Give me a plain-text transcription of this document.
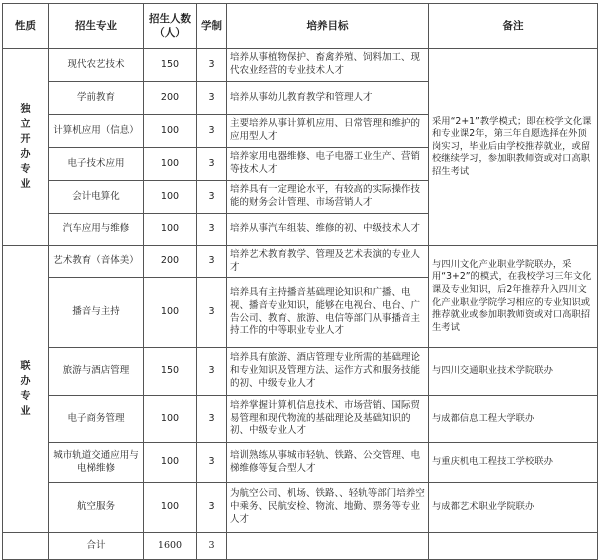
性质	招生专业	招生人数（人）	学制	培养目标	备注
独立开办专业	现代农艺技术	150	3	培养从事植物保护、畜禽养殖、饲料加工、现代农业经营的专业技术人才	采用“2+1”教学模式；即在校学文化课和专业课2年，第三年自愿选择在外顶岗实习，毕业后由学校推荐就业，或留校继续学习，参加职教师资或对口高职招生考试
	学前教育	200	3	培养从事幼儿教育教学和管理人才	
	计算机应用（信息）	100	3	主要培养从事计算机应用、日常管理和维护的应用型人才	
	电子技术应用	100	3	培养家用电器维修、电子电器工业生产、营销等技术人才	
	会计电算化	100	3	培养具有一定理论水平，有较高的实际操作技能的财务会计管理、市场营销人才	
	汽车应用与维修	100	3	培养从事汽车组装、维修的初、中级技术人才	
联办专业	艺术教育（音体美）	200	3	培养艺术教育教学、管理及艺术表演的专业人才	与四川文化产业职业学院联办，采用“3+2”的模式，在我校学习三年文化课及专业知识，后2年推荐升入四川文化产业职业学院学习相应的专业知识或推荐就业或参加职教师资或对口高职招生考试
	播音与主持	100	3	培养具有主持播音基础理论知识和广播、电视、播音专业知识，能够在电视台、电台、广告公司、教育、旅游、电信等部门从事播音主持工作的中等职业专业人才	
	旅游与酒店管理	150	3	培养具有旅游、酒店管理专业所需的基础理论和专业知识及管理方法、运作方式和服务技能的初、中级专业人才	与四川交通职业技术学院联办
	电子商务管理	100	3	培养掌握计算机信息技术、市场营销、国际贸易管理和现代物流的基础理论及基础知识的初、中级专业人才	与成都信息工程大学联办
	城市轨道交通应用与电梯维修	100	3	培训熟练从事城市轻轨、铁路、公交管理、电梯维修等复合型人才	与重庆机电工程技工学校联办
	航空服务	100	3	为航空公司、机场、铁路、、轻轨等部门培养空中乘务、民航安检、物流、地勤、票务等专业人才	与成都艺术职业学院联办
	合计	1600	3		
